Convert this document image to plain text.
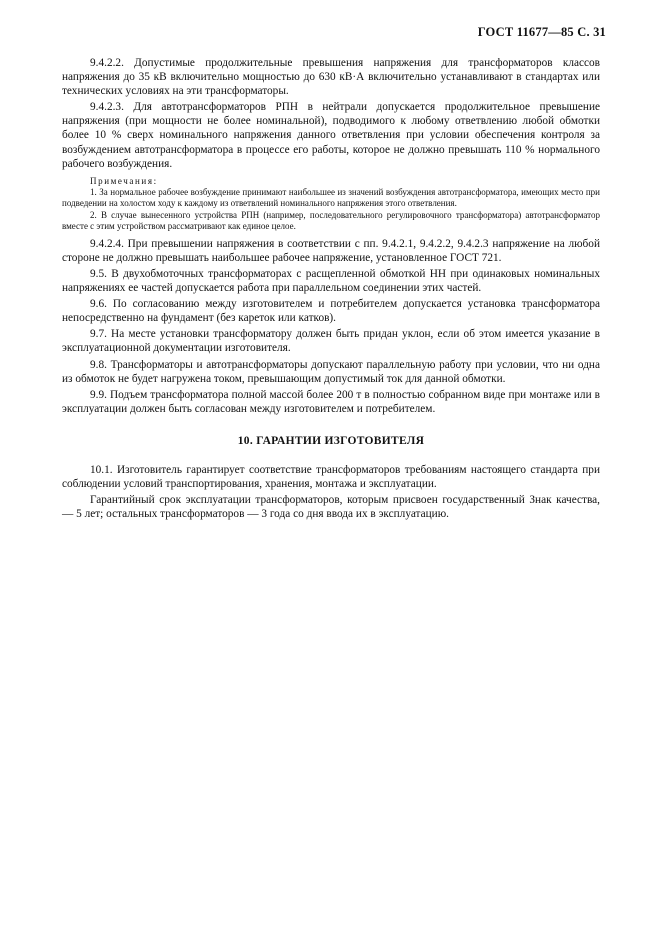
ГОСТ 11677—85 С. 31

9.4.2.2. Допустимые продолжительные превышения напряжения для трансформаторов классов напряжения до 35 кВ включительно мощностью до 630 кВ·А включительно устанавливают в стандартах или технических условиях на эти трансформаторы.

9.4.2.3. Для автотрансформаторов РПН в нейтрали допускается продолжительное превышение напряжения (при мощности не более номинальной), подводимого к любому ответвлению любой обмотки более 10 % сверх номинального напряжения данного ответвления при условии обеспечения контроля за возбуждением автотрансформатора в процессе его работы, которое не должно превышать 110 % нормального рабочего возбуждения.

Примечания:

1. За нормальное рабочее возбуждение принимают наибольшее из значений возбуждения автотрансформатора, имеющих место при подведении на холостом ходу к каждому из ответвлений номинального напряжения этого ответвления.

2. В случае вынесенного устройства РПН (например, последовательного регулировочного трансформатора) автотрансформатор вместе с этим устройством рассматривают как единое целое.

9.4.2.4. При превышении напряжения в соответствии с пп. 9.4.2.1, 9.4.2.2, 9.4.2.3 напряжение на любой стороне не должно превышать наибольшее рабочее напряжение, установленное ГОСТ 721.

9.5. В двухобмоточных трансформаторах с расщепленной обмоткой НН при одинаковых номинальных напряжениях ее частей допускается работа при параллельном соединении этих частей.

9.6. По согласованию между изготовителем и потребителем допускается установка трансформатора непосредственно на фундамент (без кареток или катков).

9.7. На месте установки трансформатору должен быть придан уклон, если об этом имеется указание в эксплуатационной документации изготовителя.

9.8. Трансформаторы и автотрансформаторы допускают параллельную работу при условии, что ни одна из обмоток не будет нагружена током, превышающим допустимый ток для данной обмотки.

9.9. Подъем трансформатора полной массой более 200 т в полностью собранном виде при монтаже или в эксплуатации должен быть согласован между изготовителем и потребителем.

10. ГАРАНТИИ ИЗГОТОВИТЕЛЯ

10.1. Изготовитель гарантирует соответствие трансформаторов требованиям настоящего стандарта при соблюдении условий транспортирования, хранения, монтажа и эксплуатации.

Гарантийный срок эксплуатации трансформаторов, которым присвоен государственный Знак качества, — 5 лет; остальных трансформаторов — 3 года со дня ввода их в эксплуатацию.
